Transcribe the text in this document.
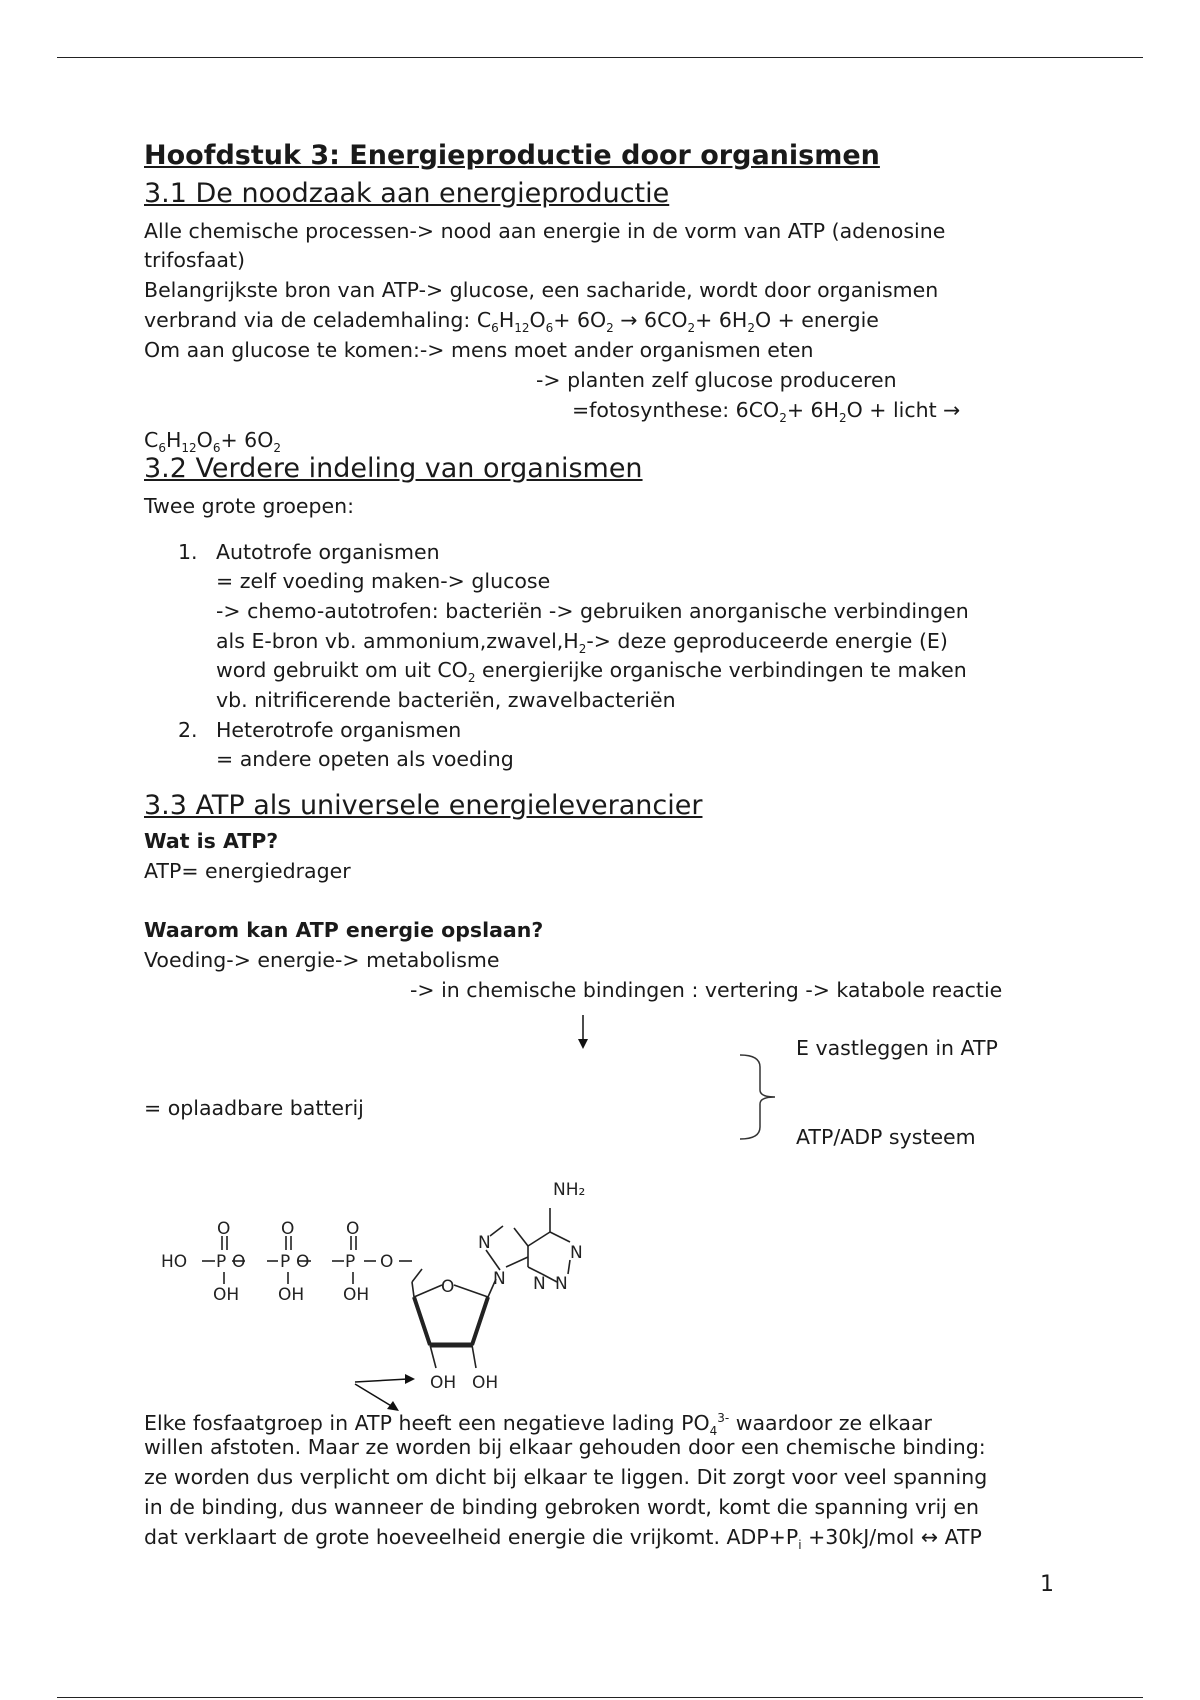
Hoofdstuk 3: Energieproductie door organismen
3.1 De noodzaak aan energieproductie
Alle chemische processen-> nood aan energie in de vorm van ATP (adenosine
trifosfaat)
Belangrijkste bron van ATP-> glucose, een sacharide, wordt door organismen
verbrand via de celademhaling: $C_6H_{12}O_6+ 6O_2 \to 6CO_2+ 6H_2O$ + energie
Om aan glucose te komen:-> mens moet ander organismen eten
-> planten zelf glucose produceren
=fotosynthese: $6CO_2+ 6H_2O$ + licht →
$C_6H_{12}O_6+ 6O_2$
3.2 Verdere indeling van organismen
Twee grote groepen:
1. Autotrofe organismen
= zelf voeding maken-> glucose
-> chemo-autotrofen: bacteriën -> gebruiken anorganische verbindingen
als E-bron vb. $ammonium,zwavel,H_2->$ deze geproduceerde energie (E)
word gebruikt om uit $CO_2$ energierijke organische verbindingen te maken
vb. nitrificerende bacteriën, zwavelbacteriën
2. Heterotrofe organismen
= andere opeten als voeding
3.3 ATP als universele energieleverancier
Wat is ATP?
ATP= energiedrager
Waarom kan ATP energie opslaan?
Voeding-> energie-> metabolisme
-> in chemische bindingen : vertering -> katabole reactie
E vastleggen in ATP
ATP/ADP systeem
= oplaadbare batterij
HO P	P	P
O	O	O
O	O	O
OH OH OH	O N
N
N
N
N
NH₂
OH OH
Elke fosfaatgroep in ATP heeft een negatieve lading $PO_4^{3-}$ waardoor ze elkaar
willen afstoten. Maar ze worden bij elkaar gehouden door een chemische binding:
ze worden dus verplicht om dicht bij elkaar te liggen. Dit zorgt voor veel spanning
in de binding, dus wanneer de binding gebroken wordt, komt die spanning vrij en
dat verklaart de grote hoeveelheid energie die vrijkomt. $ADP+P_i +30kJ/mol$ ↔ ATP
1
